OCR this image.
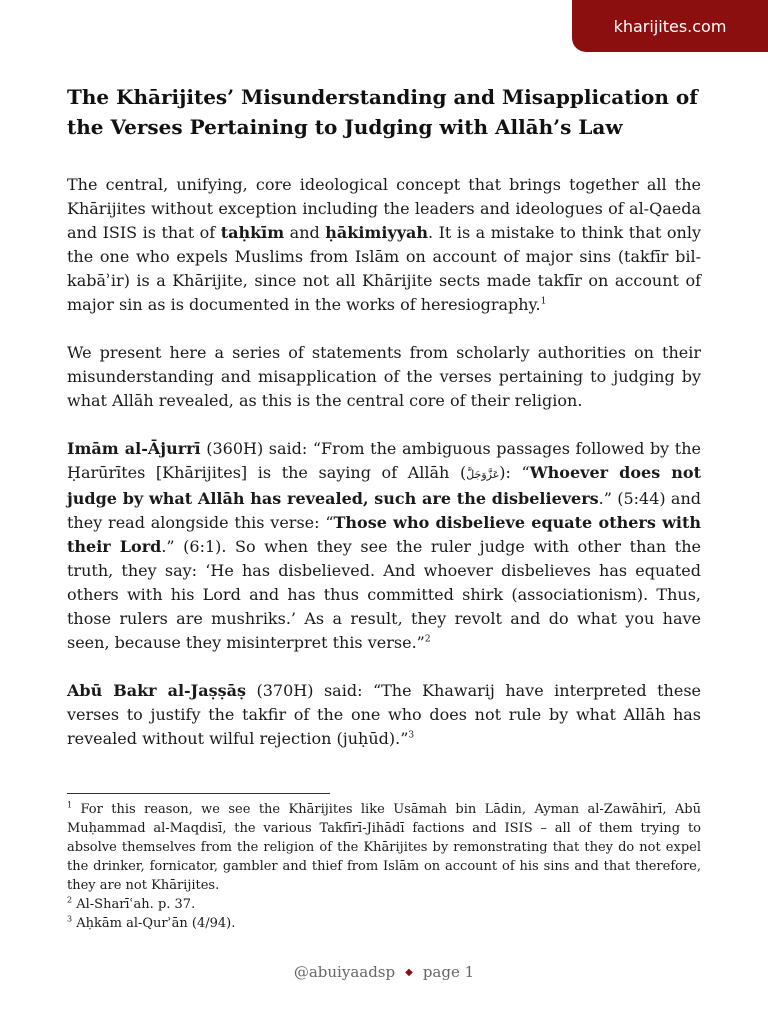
kharijites.com
The Khārijites’ Misunderstanding and Misapplication of the Verses Pertaining to Judging with Allāh’s Law

The central, unifying, core ideological concept that brings together all the Khārijites without exception including the leaders and ideologues of al-Qaeda and ISIS is that of taḥkīm and ḥākimiyyah. It is a mistake to think that only the one who expels Muslims from Islām on account of major sins (takfīr bil-kabāʾir) is a Khārijite, since not all Khārijite sects made takfīr on account of major sin as is documented in the works of heresiography.$^1$

We present here a series of statements from scholarly authorities on their misunderstanding and misapplication of the verses pertaining to judging by what Allāh revealed, as this is the central core of their religion.

Imām al-Ājurrī (360H) said: “From the ambiguous passages followed by the Ḥarūrītes [Khārijites] is the saying of Allāh (عَزَّوَجَلَّ): “Whoever does not judge by what Allāh has revealed, such are the disbelievers.” (5:44) and they read alongside this verse: “Those who disbelieve equate others with their Lord.” (6:1). So when they see the ruler judge with other than the truth, they say: ‘He has disbelieved. And whoever disbelieves has equated others with his Lord and has thus committed shirk (associationism). Thus, those rulers are mushriks.’ As a result, they revolt and do what you have seen, because they misinterpret this verse.”$^2$

Abū Bakr al-Jaṣṣāṣ (370H) said: “The Khawarij have interpreted these verses to justify the takfir of the one who does not rule by what Allāh has revealed without wilful rejection (juḥūd).”$^3$

$^1$ For this reason, we see the Khārijites like Usāmah bin Lādin, Ayman al-Zawāhirī, Abū Muḥammad al-Maqdisī, the various Takfīrī-Jihādī factions and ISIS – all of them trying to absolve themselves from the religion of the Khārijites by remonstrating that they do not expel the drinker, fornicator, gambler and thief from Islām on account of his sins and that therefore, they are not Khārijites.

$^2$ Al-Sharīʿah. p. 37.

$^3$ Aḥkām al-Qurʾān (4/94).

@abuiyaadsp ◆ page 1
